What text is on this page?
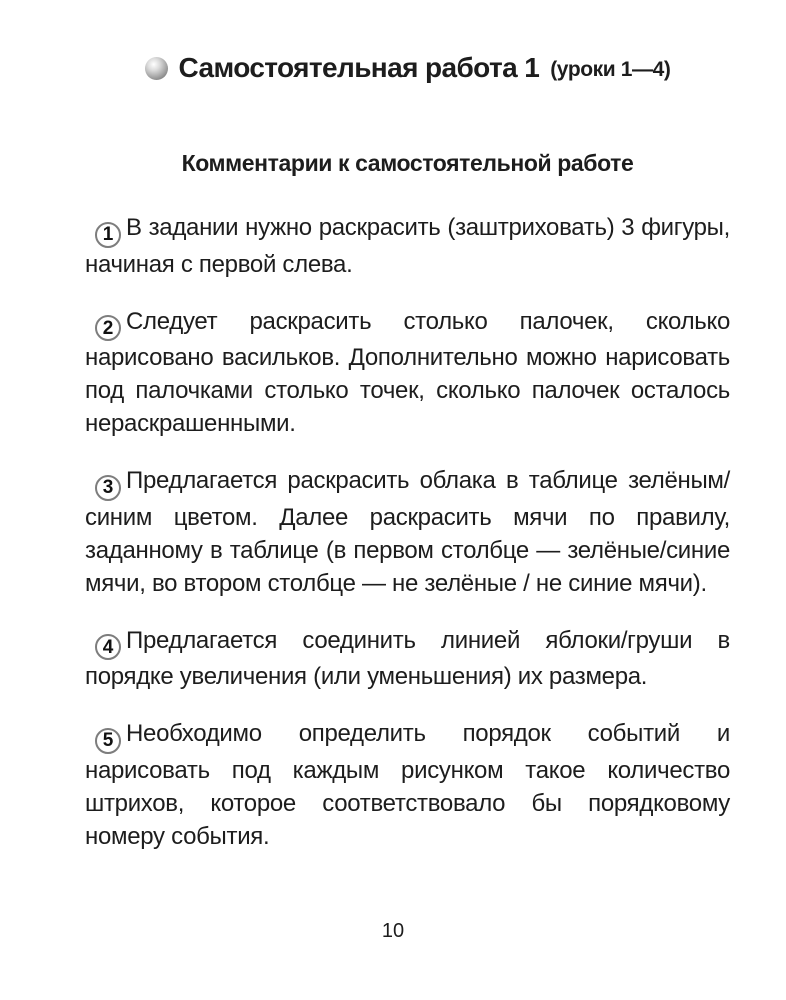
Самостоятельная работа 1 (уроки 1—4)
Комментарии к самостоятельной работе

1 В задании нужно раскрасить (заштриховать) 3 фигуры, начиная с первой слева.

2 Следует раскрасить столько палочек, сколько нарисовано васильков. Дополнительно можно нарисовать под палочками столько точек, сколько палочек осталось нераскрашенными.

3 Предлагается раскрасить облака в таблице зелёным/синим цветом. Далее раскрасить мячи по правилу, заданному в таблице (в первом столбце — зелёные/синие мячи, во втором столбце — не зелёные / не синие мячи).

4 Предлагается соединить линией яблоки/груши в порядке увеличения (или уменьшения) их размера.

5 Необходимо определить порядок событий и нарисовать под каждым рисунком такое количество штрихов, которое соответствовало бы порядковому номеру события.

10
